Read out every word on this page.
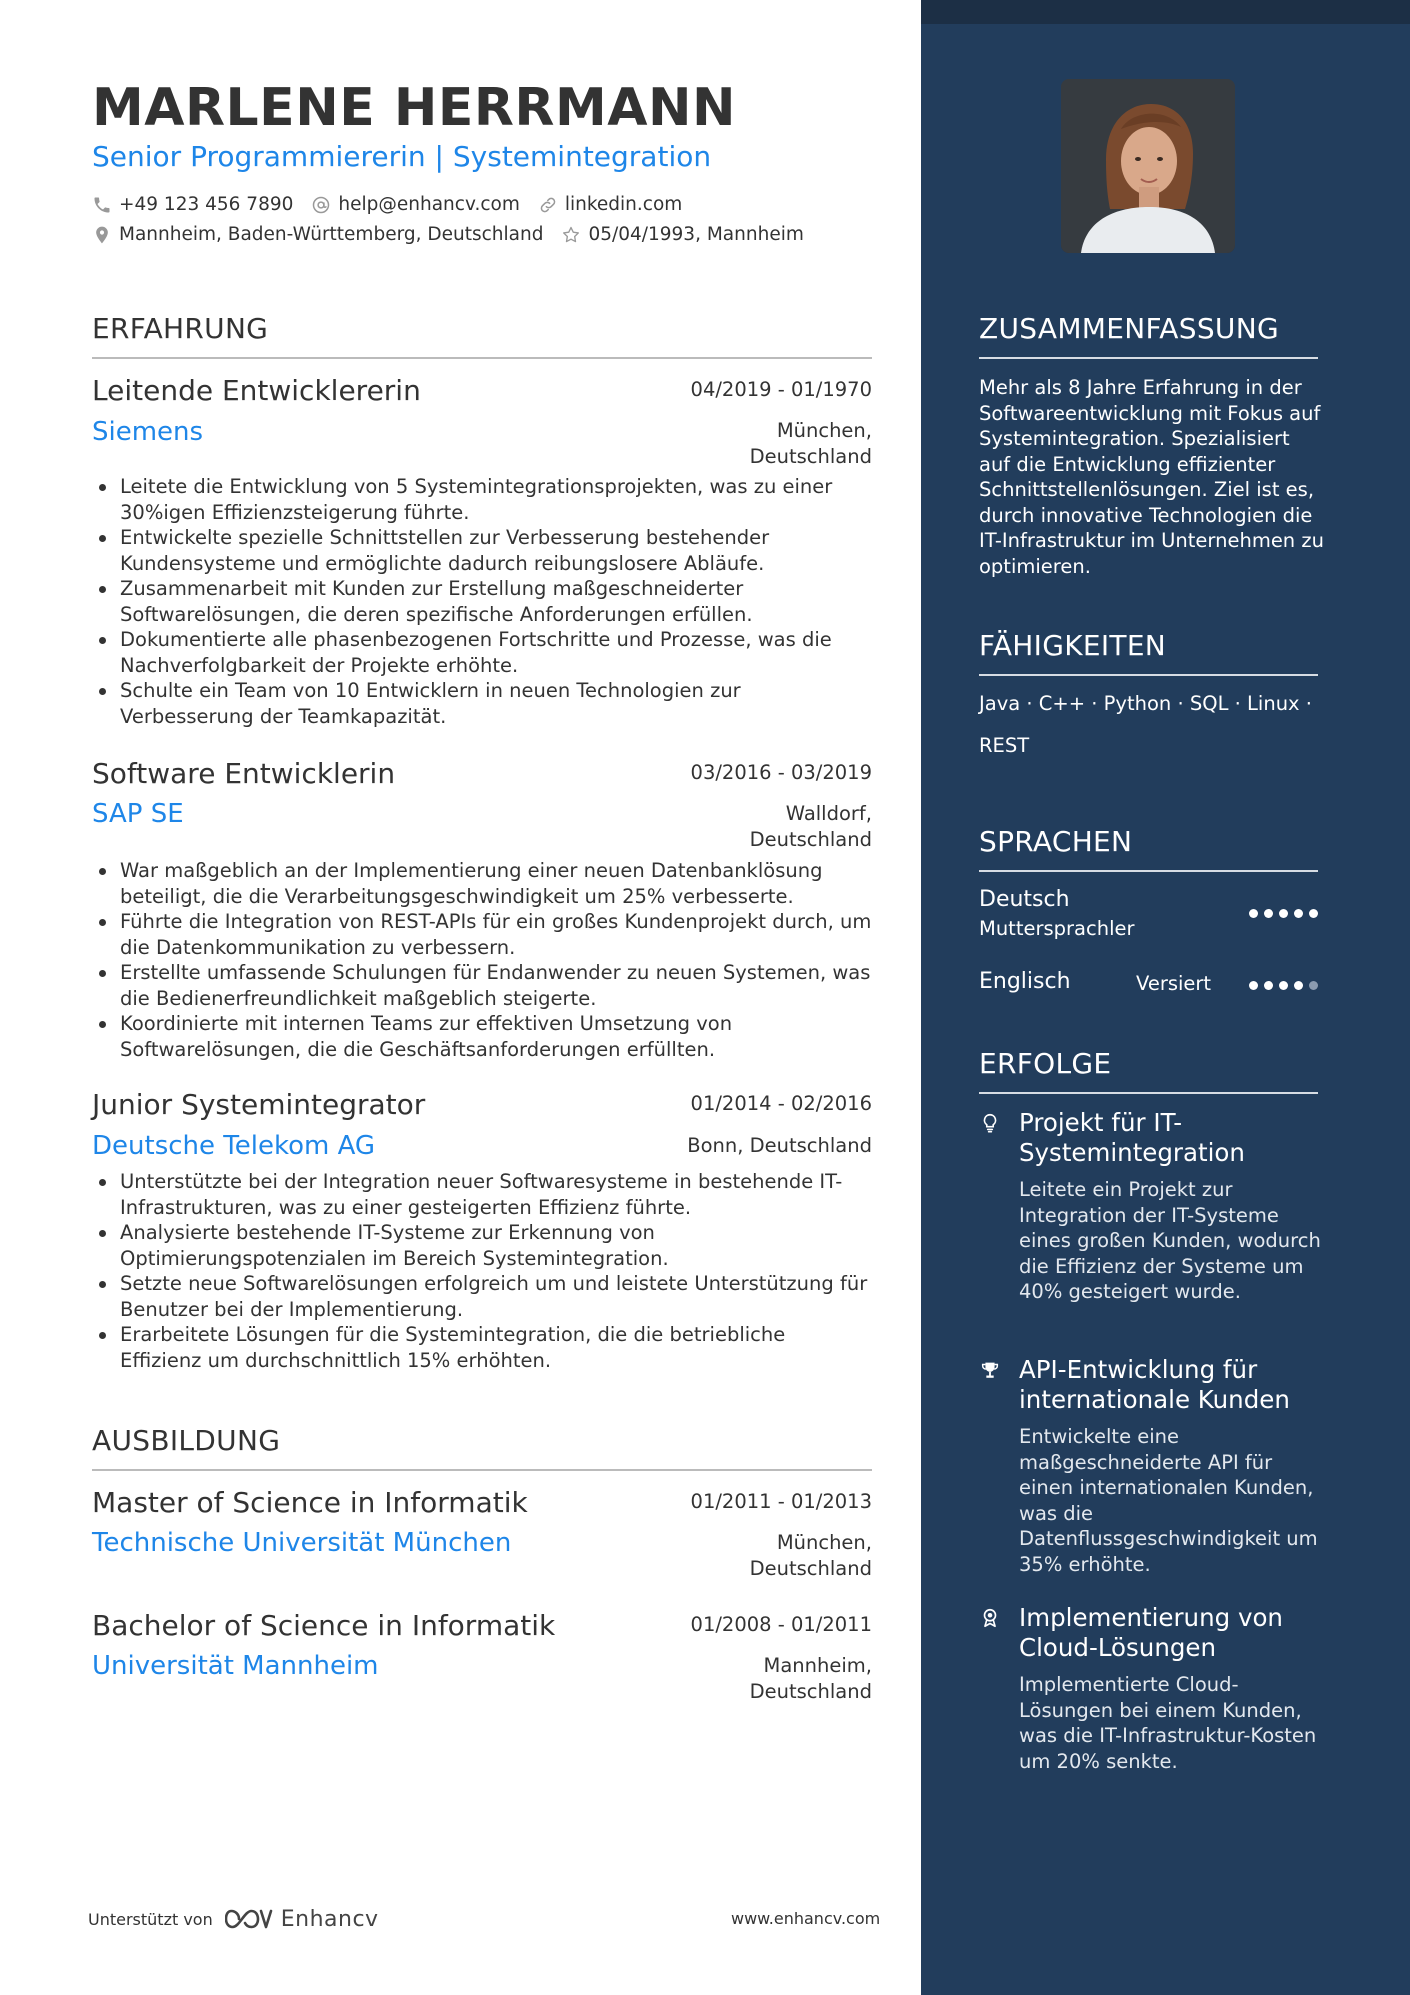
MARLENE HERRMANN
Senior Programmiererin | Systemintegration
+49 123 456 7890 help@enhancv.com linkedin.com
Mannheim, Baden-Württemberg, Deutschland 05/04/1993, Mannheim
ERFAHRUNG
Leitende Entwicklererin	04/2019 - 01/1970
Siemens	München, Deutschland
Leitete die Entwicklung von 5 Systemintegrationsprojekten, was zu einer 30%igen Effizienzsteigerung führte.
Entwickelte spezielle Schnittstellen zur Verbesserung bestehender Kundensysteme und ermöglichte dadurch reibungslosere Abläufe.
Zusammenarbeit mit Kunden zur Erstellung maßgeschneiderter Softwarelösungen, die deren spezifische Anforderungen erfüllen.
Dokumentierte alle phasenbezogenen Fortschritte und Prozesse, was die Nachverfolgbarkeit der Projekte erhöhte.
Schulte ein Team von 10 Entwicklern in neuen Technologien zur Verbesserung der Teamkapazität.
Software Entwicklerin	03/2016 - 03/2019
SAP SE	Walldorf, Deutschland
War maßgeblich an der Implementierung einer neuen Datenbanklösung beteiligt, die die Verarbeitungsgeschwindigkeit um 25% verbesserte.
Führte die Integration von REST-APIs für ein großes Kundenprojekt durch, um die Datenkommunikation zu verbessern.
Erstellte umfassende Schulungen für Endanwender zu neuen Systemen, was die Bedienerfreundlichkeit maßgeblich steigerte.
Koordinierte mit internen Teams zur effektiven Umsetzung von Softwarelösungen, die die Geschäftsanforderungen erfüllten.
Junior Systemintegrator	01/2014 - 02/2016
Deutsche Telekom AG	Bonn, Deutschland
Unterstützte bei der Integration neuer Softwaresysteme in bestehende IT-Infrastrukturen, was zu einer gesteigerten Effizienz führte.
Analysierte bestehende IT-Systeme zur Erkennung von Optimierungspotenzialen im Bereich Systemintegration.
Setzte neue Softwarelösungen erfolgreich um und leistete Unterstützung für Benutzer bei der Implementierung.
Erarbeitete Lösungen für die Systemintegration, die die betriebliche Effizienz um durchschnittlich 15% erhöhten.
AUSBILDUNG
Master of Science in Informatik	01/2011 - 01/2013
Technische Universität München	München, Deutschland
Bachelor of Science in Informatik	01/2008 - 01/2011
Universität Mannheim	Mannheim, Deutschland
Unterstützt von	Enhancv	www.enhancv.com
ZUSAMMENFASSUNG
Mehr als 8 Jahre Erfahrung in der Softwareentwicklung mit Fokus auf Systemintegration. Spezialisiert auf die Entwicklung effizienter Schnittstellenlösungen. Ziel ist es, durch innovative Technologien die IT-Infrastruktur im Unternehmen zu optimieren.
FÄHIGKEITEN
Java · C++ · Python · SQL · Linux · REST
SPRACHEN
Deutsch
Muttersprachler
Englisch	Versiert
ERFOLGE
Projekt für IT-Systemintegration
Leitete ein Projekt zur Integration der IT-Systeme eines großen Kunden, wodurch die Effizienz der Systeme um 40% gesteigert wurde.
API-Entwicklung für internationale Kunden
Entwickelte eine maßgeschneiderte API für einen internationalen Kunden, was die Datenflussgeschwindigkeit um 35% erhöhte.
Implementierung von Cloud-Lösungen
Implementierte Cloud-Lösungen bei einem Kunden, was die IT-Infrastruktur-Kosten um 20% senkte.
